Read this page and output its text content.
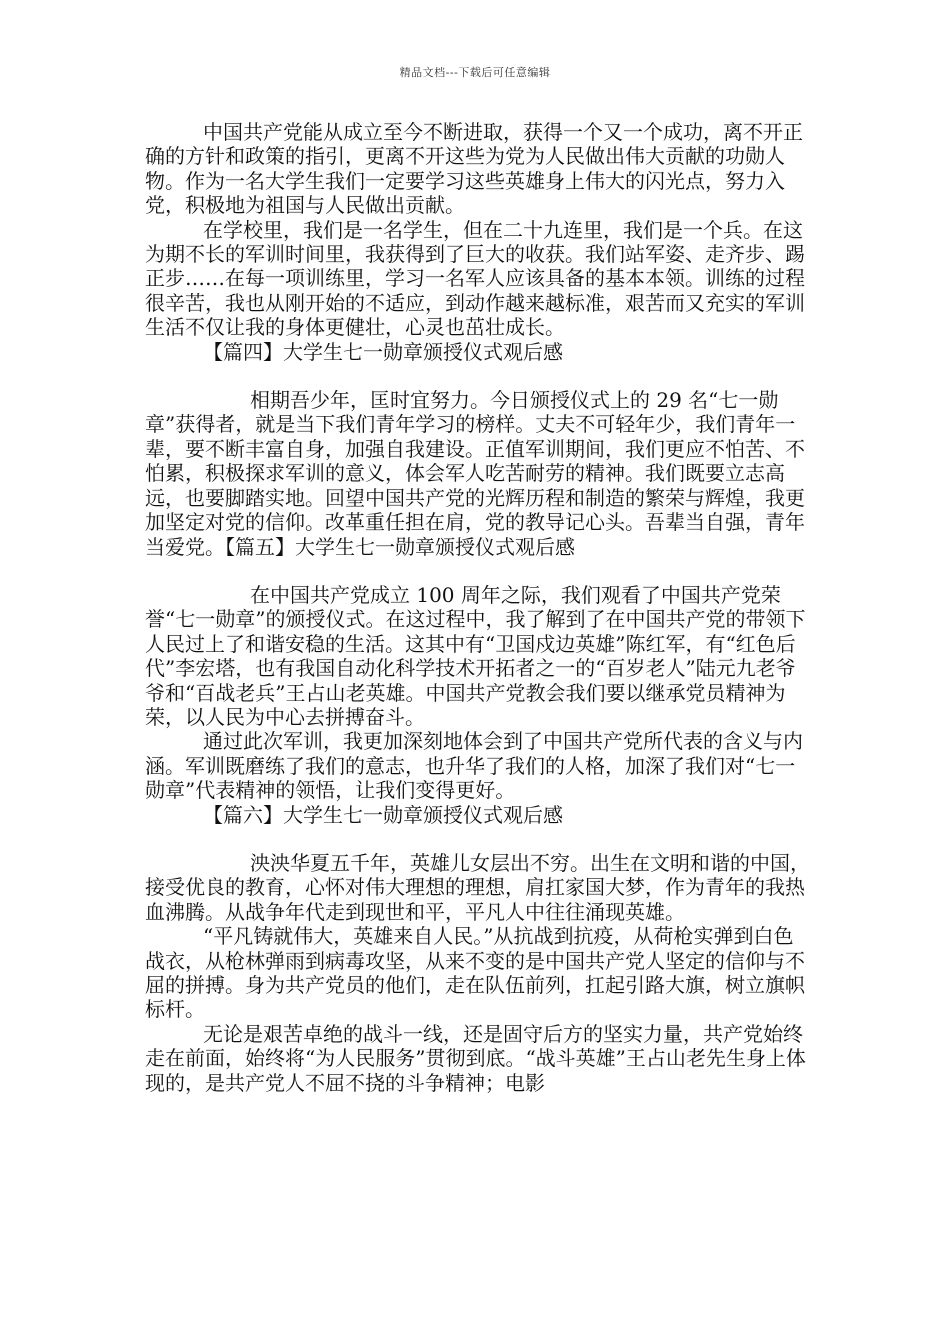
精品文档---下载后可任意编辑

中国共产党能从成立至今不断进取，获得一个又一个成功，离不开正确的方针和政策的指引，更离不开这些为党为人民做出伟大贡献的功勋人物。作为一名大学生我们一定要学习这些英雄身上伟大的闪光点，努力入党，积极地为祖国与人民做出贡献。

在学校里，我们是一名学生，但在二十九连里，我们是一个兵。在这为期不长的军训时间里，我获得到了巨大的收获。我们站军姿、走齐步、踢正步……在每一项训练里，学习一名军人应该具备的基本本领。训练的过程很辛苦，我也从刚开始的不适应，到动作越来越标准，艰苦而又充实的军训生活不仅让我的身体更健壮，心灵也茁壮成长。

【篇四】大学生七一勋章颁授仪式观后感

相期吾少年，匡时宜努力。今日颁授仪式上的 29 名“七一勋章”获得者，就是当下我们青年学习的榜样。丈夫不可轻年少，我们青年一辈，要不断丰富自身，加强自我建设。正值军训期间，我们更应不怕苦、不怕累，积极探求军训的意义，体会军人吃苦耐劳的精神。我们既要立志高远，也要脚踏实地。回望中国共产党的光辉历程和制造的繁荣与辉煌，我更加坚定对党的信仰。改革重任担在肩，党的教导记心头。吾辈当自强，青年当爱党。【篇五】大学生七一勋章颁授仪式观后感

在中国共产党成立 100 周年之际，我们观看了中国共产党荣誉“七一勋章”的颁授仪式。在这过程中，我了解到了在中国共产党的带领下人民过上了和谐安稳的生活。这其中有“卫国戍边英雄”陈红军，有“红色后代”李宏塔，也有我国自动化科学技术开拓者之一的“百岁老人”陆元九老爷爷和“百战老兵”王占山老英雄。中国共产党教会我们要以继承党员精神为荣，以人民为中心去拼搏奋斗。

通过此次军训，我更加深刻地体会到了中国共产党所代表的含义与内涵。军训既磨练了我们的意志，也升华了我们的人格，加深了我们对“七一勋章”代表精神的领悟，让我们变得更好。

【篇六】大学生七一勋章颁授仪式观后感

泱泱华夏五千年，英雄儿女层出不穷。出生在文明和谐的中国，接受优良的教育，心怀对伟大理想的理想，肩扛家国大梦，作为青年的我热血沸腾。从战争年代走到现世和平，平凡人中往往涌现英雄。

“平凡铸就伟大，英雄来自人民。”从抗战到抗疫，从荷枪实弹到白色战衣，从枪林弹雨到病毒攻坚，从来不变的是中国共产党人坚定的信仰与不屈的拼搏。身为共产党员的他们，走在队伍前列，扛起引路大旗，树立旗帜标杆。

无论是艰苦卓绝的战斗一线，还是固守后方的坚实力量，共产党始终走在前面，始终将“为人民服务”贯彻到底。“战斗英雄”王占山老先生身上体现的，是共产党人不屈不挠的斗争精神；电影
